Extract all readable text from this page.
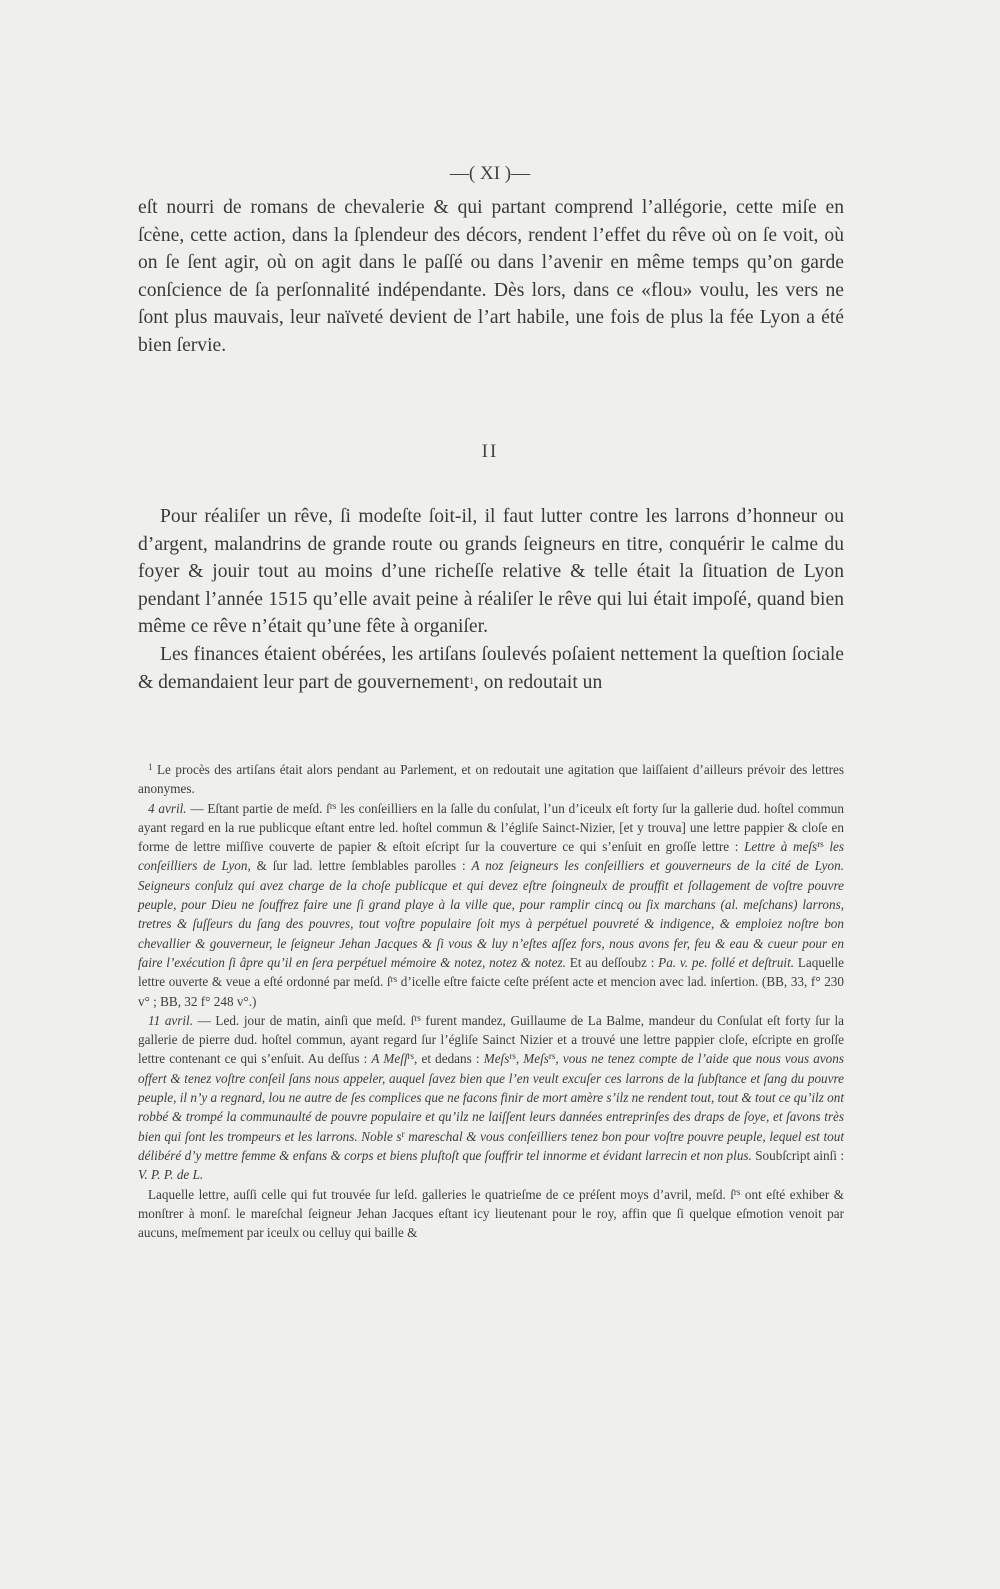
—( XI )—

eſt nourri de romans de chevalerie & qui partant comprend l’allégorie, cette miſe en ſcène, cette action, dans la ſplendeur des décors, rendent l’effet du rêve où on ſe voit, où on ſe ſent agir, où on agit dans le paſſé ou dans l’avenir en même temps qu’on garde conſcience de ſa perſonnalité indépendante. Dès lors, dans ce «flou» voulu, les vers ne ſont plus mauvais, leur naïveté devient de l’art habile, une fois de plus la fée Lyon a été bien ſervie.

II

Pour réaliſer un rêve, ſi modeſte ſoit-il, il faut lutter contre les larrons d’honneur ou d’argent, malandrins de grande route ou grands ſeigneurs en titre, conquérir le calme du foyer & jouir tout au moins d’une richeſſe relative & telle était la ſituation de Lyon pendant l’année 1515 qu’elle avait peine à réaliſer le rêve qui lui était impoſé, quand bien même ce rêve n’était qu’une fête à organiſer.

Les finances étaient obérées, les artiſans ſoulevés poſaient nettement la queſtion ſociale & demandaient leur part de gouvernement$^1$, on redoutait un

$^1$ Le procès des artiſans était alors pendant au Parlement, et on redoutait une agitation que laiſſaient d’ailleurs prévoir des lettres anonymes.

4 avril. — Eſtant partie de meſd. $ſ^{rs}$ les conſeilliers en la ſalle du conſulat, l’un d’iceulx eſt forty ſur la gallerie dud. hoſtel commun ayant regard en la rue publicque eſtant entre led. hoſtel commun & l’égliſe Sainct-Nizier, [et y trouva] une lettre pappier & cloſe en forme de lettre miſſive couverte de papier & eſtoit eſcript ſur la couverture ce qui s’enſuit en groſſe lettre : Lettre à meſs$^{rs}$ les conſeilliers de Lyon, & ſur lad. lettre ſemblables parolles : A noz ſeigneurs les conſeilliers et gouverneurs de la cité de Lyon. Seigneurs conſulz qui avez charge de la choſe publicque et qui devez eſtre ſoingneulx de prouffit et ſollagement de voſtre pouvre peuple, pour Dieu ne ſouffrez faire une ſi grand playe à la ville que, pour ramplir cincq ou ſix marchans (al. meſchans) larrons, tretres & ſuſſeurs du ſang des pouvres, tout voſtre populaire ſoit mys à perpétuel pouvreté & indigence, & emploiez noſtre bon chevallier & gouverneur, le ſeigneur Jehan Jacques & ſi vous & luy n’eſtes aſſez fors, nous avons fer, feu & eau & cueur pour en faire l’exécution ſi âpre qu’il en ſera perpétuel mémoire & notez, notez & notez. Et au deſſoubz : Pa. v. pe. follé et deſtruit. Laquelle lettre ouverte & veue a eſté ordonné par meſd. $ſ^{rs}$ d’icelle eſtre faicte ceſte préſent acte et mencion avec lad. inſertion. (BB, 33, f° 230 v° ; BB, 32 f° 248 v°.)

11 avril. — Led. jour de matin, ainſi que meſd. $ſ^{rs}$ furent mandez, Guillaume de La Balme, mandeur du Conſulat eſt forty ſur la gallerie de pierre dud. hoſtel commun, ayant regard ſur l’égliſe Sainct Nizier et a trouvé une lettre pappier cloſe, eſcripte en groſſe lettre contenant ce qui s’enſuit. Au deſſus : A Meſſ$^{rs}$, et dedans : Meſs$^{rs}$, Meſs$^{rs}$, vous ne tenez compte de l’aide que nous vous avons offert & tenez voſtre conſeil ſans nous appeler, auquel ſavez bien que l’en veult excuſer ces larrons de la ſubſtance et ſang du pouvre peuple, il n’y a regnard, lou ne autre de ſes complices que ne facons finir de mort amère s’ilz ne rendent tout, tout & tout ce qu’ilz ont robbé & trompé la communaulté de pouvre populaire et qu’ilz ne laiſſent leurs dannées entreprinſes des draps de ſoye, et ſavons très bien qui ſont les trompeurs et les larrons. Noble $s^r$ mareschal & vous conſeilliers tenez bon pour voſtre pouvre peuple, lequel est tout délibéré d’y mettre femme & enfans & corps et biens pluſtoſt que ſouffrir tel innorme et évidant larrecin et non plus. Soubſcript ainſi : V. P. P. de L.

Laquelle lettre, auſſi celle qui fut trouvée ſur leſd. galleries le quatrieſme de ce préſent moys d’avril, meſd. $ſ^{rs}$ ont eſté exhiber & monſtrer à monſ. le mareſchal ſeigneur Jehan Jacques eſtant icy lieutenant pour le roy, affin que ſi quelque eſmotion venoit par aucuns, meſmement par iceulx ou celluy qui baille &
